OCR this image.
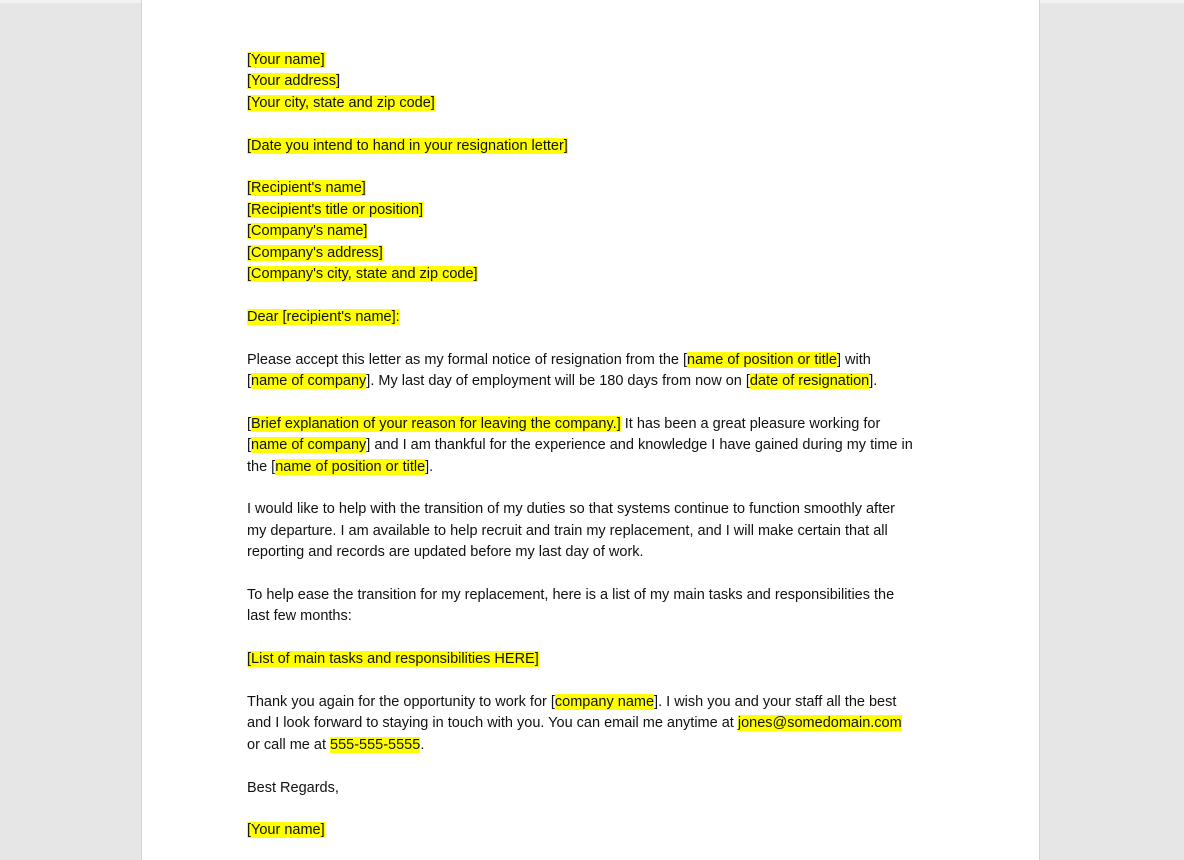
[Your name]
[Your address]
[Your city, state and zip code]
[Date you intend to hand in your resignation letter]
[Recipient's name]
[Recipient's title or position]
[Company's name]
[Company's address]
[Company's city, state and zip code]
Dear [recipient's name]:
Please accept this letter as my formal notice of resignation from the [name of position or title] with
[name of company]. My last day of employment will be 180 days from now on [date of resignation].
[Brief explanation of your reason for leaving the company.] It has been a great pleasure working for
[name of company] and I am thankful for the experience and knowledge I have gained during my time in
the [name of position or title].
I would like to help with the transition of my duties so that systems continue to function smoothly after
my departure. I am available to help recruit and train my replacement, and I will make certain that all
reporting and records are updated before my last day of work.
To help ease the transition for my replacement, here is a list of my main tasks and responsibilities the
last few months:
[List of main tasks and responsibilities HERE]
Thank you again for the opportunity to work for [company name]. I wish you and your staff all the best
and I look forward to staying in touch with you. You can email me anytime at jones@somedomain.com
or call me at 555-555-5555.
Best Regards,
[Your name]
